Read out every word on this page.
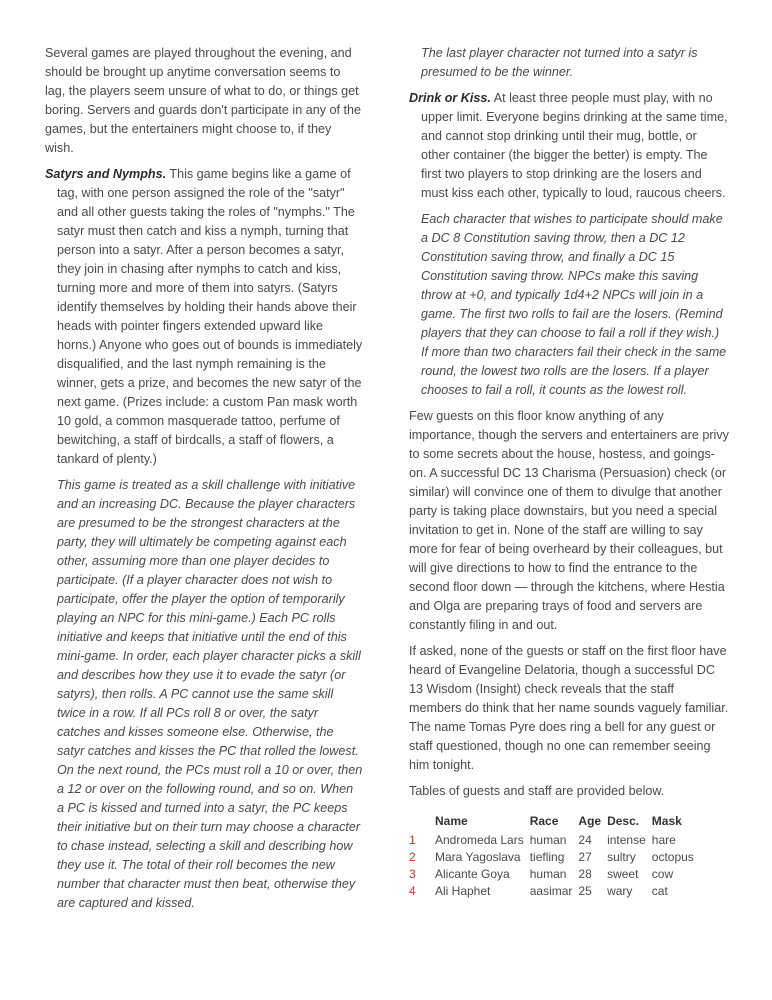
Several games are played throughout the evening, and should be brought up anytime conversation seems to lag, the players seem unsure of what to do, or things get boring. Servers and guards don't participate in any of the games, but the entertainers might choose to, if they wish.

Satyrs and Nymphs. This game begins like a game of tag, with one person assigned the role of the "satyr" and all other guests taking the roles of "nymphs." The satyr must then catch and kiss a nymph, turning that person into a satyr. After a person becomes a satyr, they join in chasing after nymphs to catch and kiss, turning more and more of them into satyrs. (Satyrs identify themselves by holding their hands above their heads with pointer fingers extended upward like horns.) Anyone who goes out of bounds is immediately disqualified, and the last nymph remaining is the winner, gets a prize, and becomes the new satyr of the next game. (Prizes include: a custom Pan mask worth 10 gold, a common masquerade tattoo, perfume of bewitching, a staff of birdcalls, a staff of flowers, a tankard of plenty.)

This game is treated as a skill challenge with initiative and an increasing DC. Because the player characters are presumed to be the strongest characters at the party, they will ultimately be competing against each other, assuming more than one player decides to participate. (If a player character does not wish to participate, offer the player the option of temporarily playing an NPC for this mini-game.) Each PC rolls initiative and keeps that initiative until the end of this mini-game. In order, each player character picks a skill and describes how they use it to evade the satyr (or satyrs), then rolls. A PC cannot use the same skill twice in a row. If all PCs roll 8 or over, the satyr catches and kisses someone else. Otherwise, the satyr catches and kisses the PC that rolled the lowest. On the next round, the PCs must roll a 10 or over, then a 12 or over on the following round, and so on. When a PC is kissed and turned into a satyr, the PC keeps their initiative but on their turn may choose a character to chase instead, selecting a skill and describing how they use it. The total of their roll becomes the new number that character must then beat, otherwise they are captured and kissed.

The last player character not turned into a satyr is presumed to be the winner.

Drink or Kiss. At least three people must play, with no upper limit. Everyone begins drinking at the same time, and cannot stop drinking until their mug, bottle, or other container (the bigger the better) is empty. The first two players to stop drinking are the losers and must kiss each other, typically to loud, raucous cheers.

Each character that wishes to participate should make a DC 8 Constitution saving throw, then a DC 12 Constitution saving throw, and finally a DC 15 Constitution saving throw. NPCs make this saving throw at +0, and typically 1d4+2 NPCs will join in a game. The first two rolls to fail are the losers. (Remind players that they can choose to fail a roll if they wish.) If more than two characters fail their check in the same round, the lowest two rolls are the losers. If a player chooses to fail a roll, it counts as the lowest roll.

Few guests on this floor know anything of any importance, though the servers and entertainers are privy to some secrets about the house, hostess, and goings-on. A successful DC 13 Charisma (Persuasion) check (or similar) will convince one of them to divulge that another party is taking place downstairs, but you need a special invitation to get in. None of the staff are willing to say more for fear of being overheard by their colleagues, but will give directions to how to find the entrance to the second floor down — through the kitchens, where Hestia and Olga are preparing trays of food and servers are constantly filing in and out.

If asked, none of the guests or staff on the first floor have heard of Evangeline Delatoria, though a successful DC 13 Wisdom (Insight) check reveals that the staff members do think that her name sounds vaguely familiar. The name Tomas Pyre does ring a bell for any guest or staff questioned, though no one can remember seeing him tonight.

Tables of guests and staff are provided below.

	Name	Race	Age	Desc.	Mask
1	Andromeda Lars	human	24	intense	hare
2	Mara Yagoslava	tiefling	27	sultry	octopus
3	Alicante Goya	human	28	sweet	cow
4	Ali Haphet	aasimar	25	wary	cat
